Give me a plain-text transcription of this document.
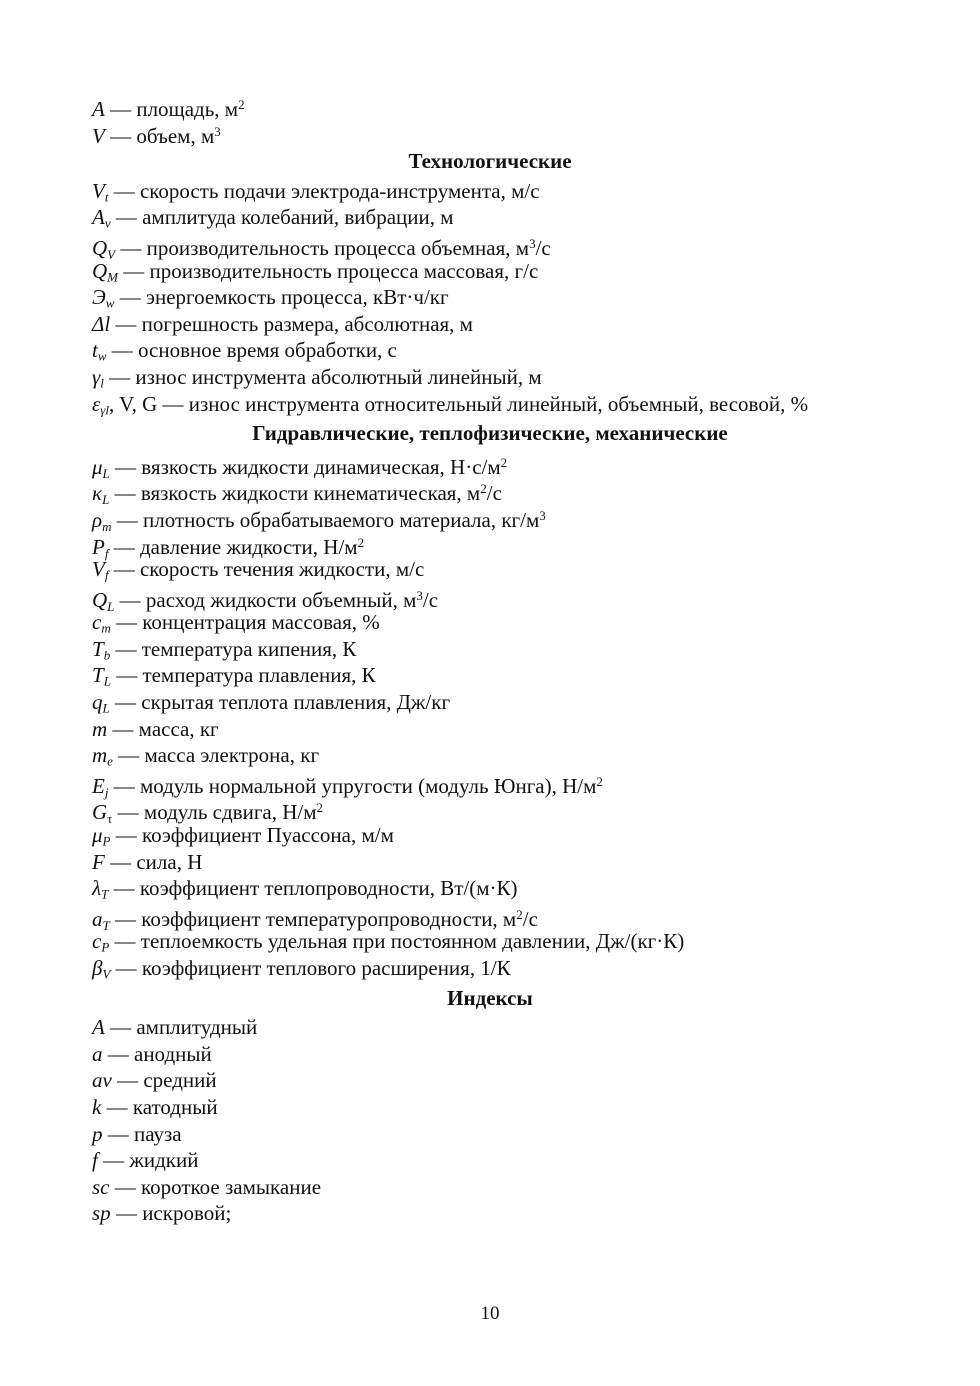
A — площадь, $м^2$
V — объем, $м^3$
Технологические
$V_t$ — скорость подачи электрода-инструмента, м/с
$A_v$ — амплитуда колебаний, вибрации, м
$Q_V$ — производительность процесса объемная, $м^3/с$
$Q_M$ — производительность процесса массовая, г/с
$Э_w$ — энергоемкость процесса, кВт·ч/кг
Δl — погрешность размера, абсолютная, м
$t_w$ — основное время обработки, с
$\gamma_l$ — износ инструмента абсолютный линейный, м
$\varepsilon_{\gamma l}$, V, G — износ инструмента относительный линейный, объемный, весовой, %
Гидравлические, теплофизические, механические
$\mu_L$ — вязкость жидкости динамическая, $Н\cdot с/м^2$
$\kappa_L$ — вязкость жидкости кинематическая, $м^2/с$
$\rho_m$ — плотность обрабатываемого материала, $кг/м^3$
$P_f$ — давление жидкости, $Н/м^2$
$V_f$ — скорость течения жидкости, м/с
$Q_L$ — расход жидкости объемный, $м^3/с$
$c_m$ — концентрация массовая, %
$T_b$ — температура кипения, К
$T_L$ — температура плавления, К
$q_L$ — скрытая теплота плавления, Дж/кг
m — масса, кг
$m_e$ — масса электрона, кг
$E_j$ — модуль нормальной упругости (модуль Юнга), $Н/м^2$
$G_\tau$ — модуль сдвига, $Н/м^2$
$\mu_P$ — коэффициент Пуассона, м/м
F — сила, Н
$\lambda_T$ — коэффициент теплопроводности, Вт/(м·К)
$a_T$ — коэффициент температуропроводности, $м^2/с$
$c_P$ — теплоемкость удельная при постоянном давлении, Дж/(кг·К)
$\beta_V$ — коэффициент теплового расширения, 1/К
Индексы
A — амплитудный
a — анодный
av — средний
k — катодный
p — пауза
f — жидкий
sc — короткое замыкание
sp — искровой;
10
